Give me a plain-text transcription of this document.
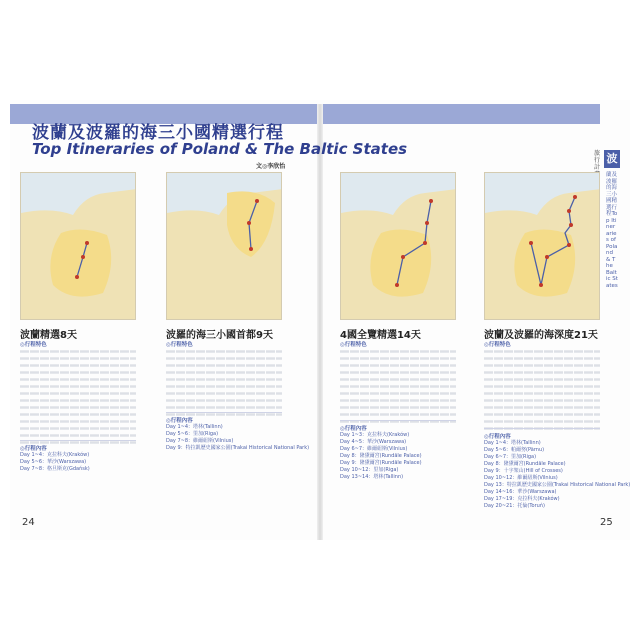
波蘭及波羅的海三小國精選行程
Top Itineraries of Poland & The Baltic States
文◎李欣怡
旅行計
波
蘭及波羅的海三小國精選行程Top Itineraries of Poland & The Baltic States
波蘭精選8天
◎行程特色
◎行程內容
Day 1~4：克拉科夫(Kraków)
Day 5~6：華沙(Warszawa)
Day 7~8：格旦斯克(Gdańsk)
波羅的海三小國首都9天
◎行程特色
◎行程內容
Day 1~4：塔林(Tallinn)
Day 5~6：里加(Riga)
Day 7~8：維爾紐斯(Vilnius)
Day 9：特拉凱歷史國家公園(Trakai Historical National Park)
4國全覽精選14天
◎行程特色
◎行程內容
Day 1~3：克拉科夫(Kraków)
Day 4~5：華沙(Warszawa)
Day 6~7：維爾紐斯(Vilnius)
Day 8：隆黛爾宮(Rundāle Palace)
Day 9：隆黛爾宮(Rundāle Palace)
Day 10~12：里加(Riga)
Day 13~14：塔林(Tallinn)
波蘭及波羅的海深度21天
◎行程特色
◎行程內容
Day 1~4：塔林(Tallinn)
Day 5~6：帕爾努(Pärnu)
Day 6~7：里加(Riga)
Day 8：隆黛爾宮(Rundāle Palace)
Day 9：十字架山(Hill of Crosses)
Day 10~12：維爾紐斯(Vilnius)
Day 13：特拉凱歷史國家公園(Trakai Historical National Park)
Day 14~16：華沙(Warszawa)
Day 17~19：克拉科夫(Kraków)
Day 20~21：托倫(Toruń)
24	25
